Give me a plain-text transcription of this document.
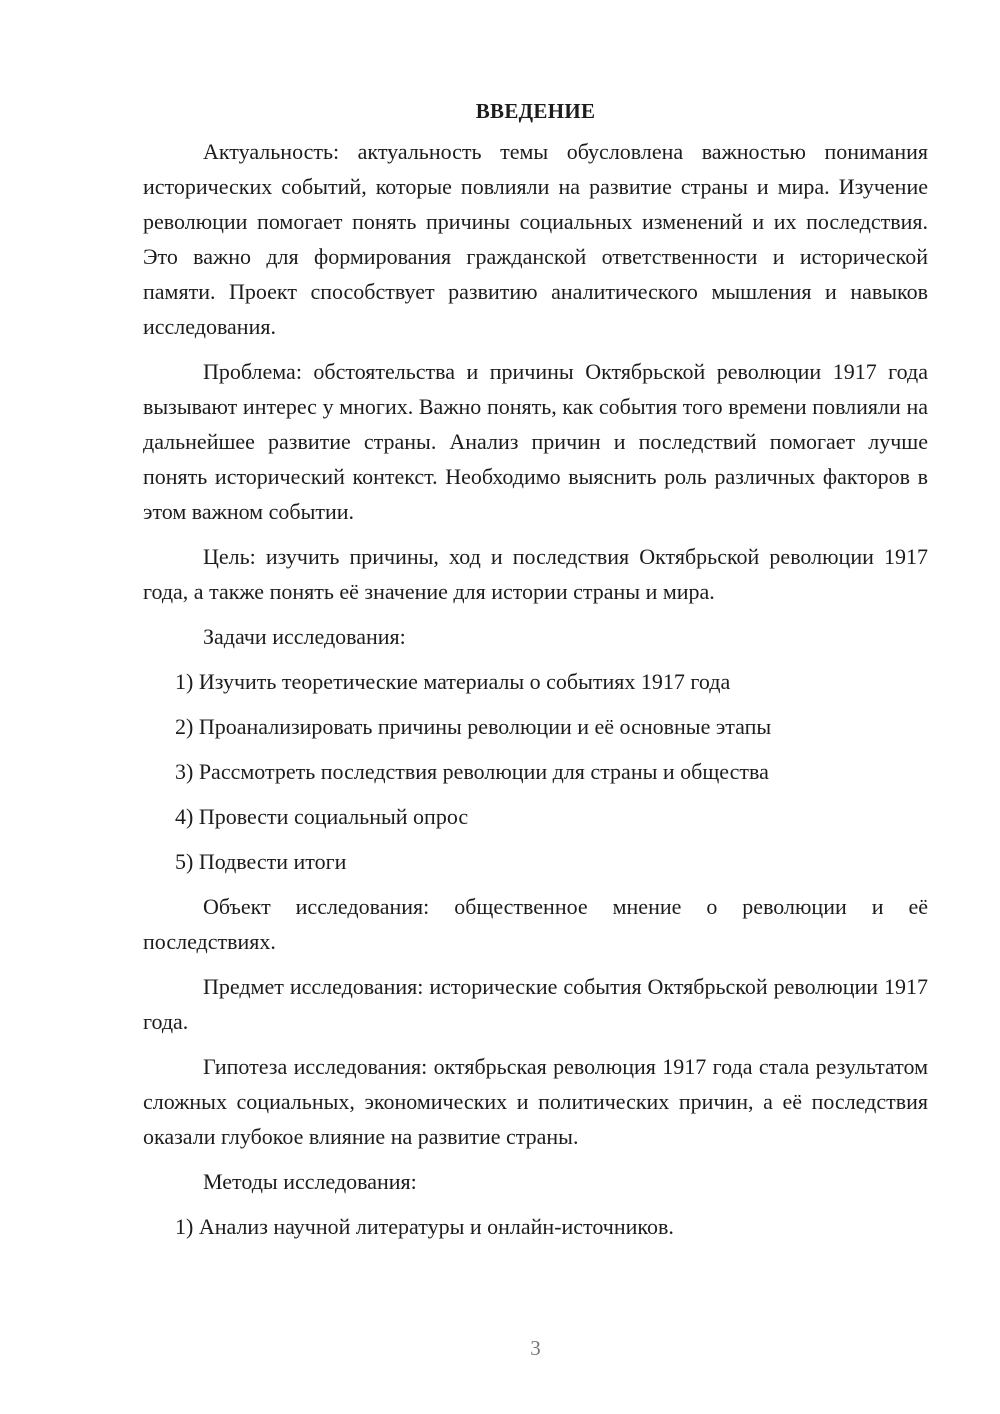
ВВЕДЕНИЕ

Актуальность: актуальность темы обусловлена важностью понимания исторических событий, которые повлияли на развитие страны и мира. Изучение революции помогает понять причины социальных изменений и их последствия. Это важно для формирования гражданской ответственности и исторической памяти. Проект способствует развитию аналитического мышления и навыков исследования.

Проблема: обстоятельства и причины Октябрьской революции 1917 года вызывают интерес у многих. Важно понять, как события того времени повлияли на дальнейшее развитие страны. Анализ причин и последствий помогает лучше понять исторический контекст. Необходимо выяснить роль различных факторов в этом важном событии.

Цель: изучить причины, ход и последствия Октябрьской революции 1917 года, а также понять её значение для истории страны и мира.

Задачи исследования:

1) Изучить теоретические материалы о событиях 1917 года

2) Проанализировать причины революции и её основные этапы

3) Рассмотреть последствия революции для страны и общества

4) Провести социальный опрос

5) Подвести итоги

Объект исследования: общественное мнение о революции и её последствиях.

Предмет исследования: исторические события Октябрьской революции 1917 года.

Гипотеза исследования: октябрьская революция 1917 года стала результатом сложных социальных, экономических и политических причин, а её последствия оказали глубокое влияние на развитие страны.

Методы исследования:

1) Анализ научной литературы и онлайн-источников.

3
